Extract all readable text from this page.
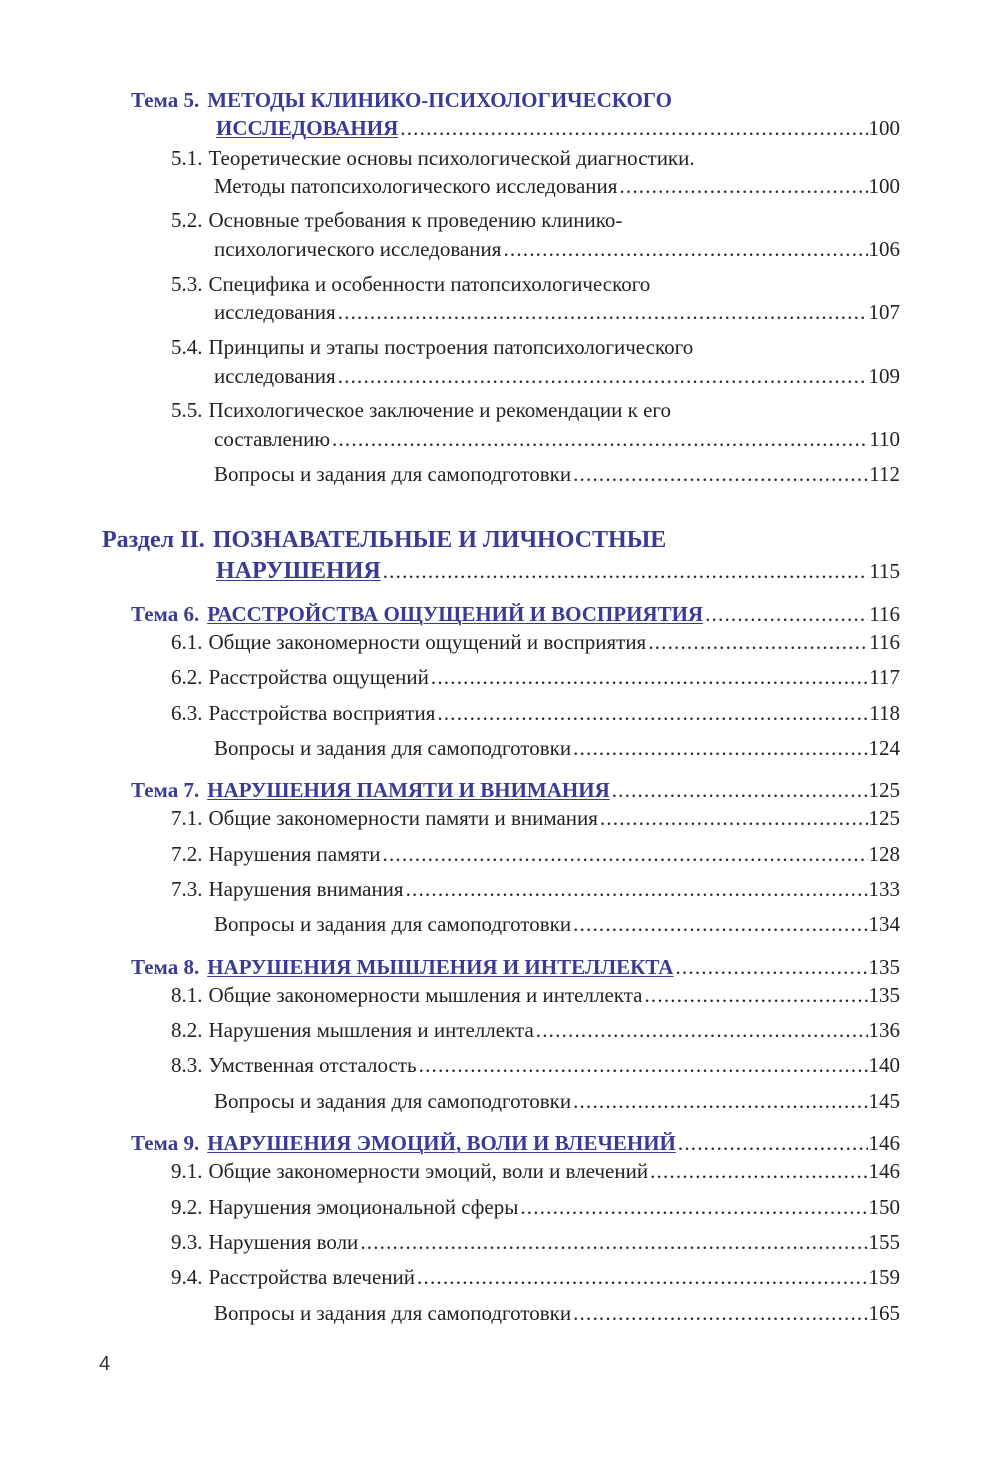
Тема 5. МЕТОДЫ КЛИНИКО-ПСИХОЛОГИЧЕСКОГО
ИССЛЕДОВАНИЯ .....	100
5.1. Теоретические основы психологической диагностики.
Методы патопсихологического исследования .....	100
5.2. Основные требования к проведению клинико-
психологического исследования .....	106
5.3. Специфика и особенности патопсихологического
исследования .....	107
5.4. Принципы и этапы построения патопсихологического
исследования .....	109
5.5. Психологическое заключение и рекомендации к его
составлению .....	110
Вопросы и задания для самоподготовки .....	112
Раздел II. ПОЗНАВАТЕЛЬНЫЕ И ЛИЧНОСТНЫЕ
НАРУШЕНИЯ .....	115
Тема 6. РАССТРОЙСТВА ОЩУЩЕНИЙ И ВОСПРИЯТИЯ .....	116
6.1. Общие закономерности ощущений и восприятия .....	116
6.2. Расстройства ощущений .....	117
6.3. Расстройства восприятия .....	118
Вопросы и задания для самоподготовки .....	124
Тема 7. НАРУШЕНИЯ ПАМЯТИ И ВНИМАНИЯ .....	125
7.1. Общие закономерности памяти и внимания .....	125
7.2. Нарушения памяти .....	128
7.3. Нарушения внимания .....	133
Вопросы и задания для самоподготовки .....	134
Тема 8. НАРУШЕНИЯ МЫШЛЕНИЯ И ИНТЕЛЛЕКТА .....	135
8.1. Общие закономерности мышления и интеллекта .....	135
8.2. Нарушения мышления и интеллекта .....	136
8.3. Умственная отсталость .....	140
Вопросы и задания для самоподготовки .....	145
Тема 9. НАРУШЕНИЯ ЭМОЦИЙ, ВОЛИ И ВЛЕЧЕНИЙ .....	146
9.1. Общие закономерности эмоций, воли и влечений .....	146
9.2. Нарушения эмоциональной сферы .....	150
9.3. Нарушения воли .....	155
9.4. Расстройства влечений .....	159
Вопросы и задания для самоподготовки .....	165
4
